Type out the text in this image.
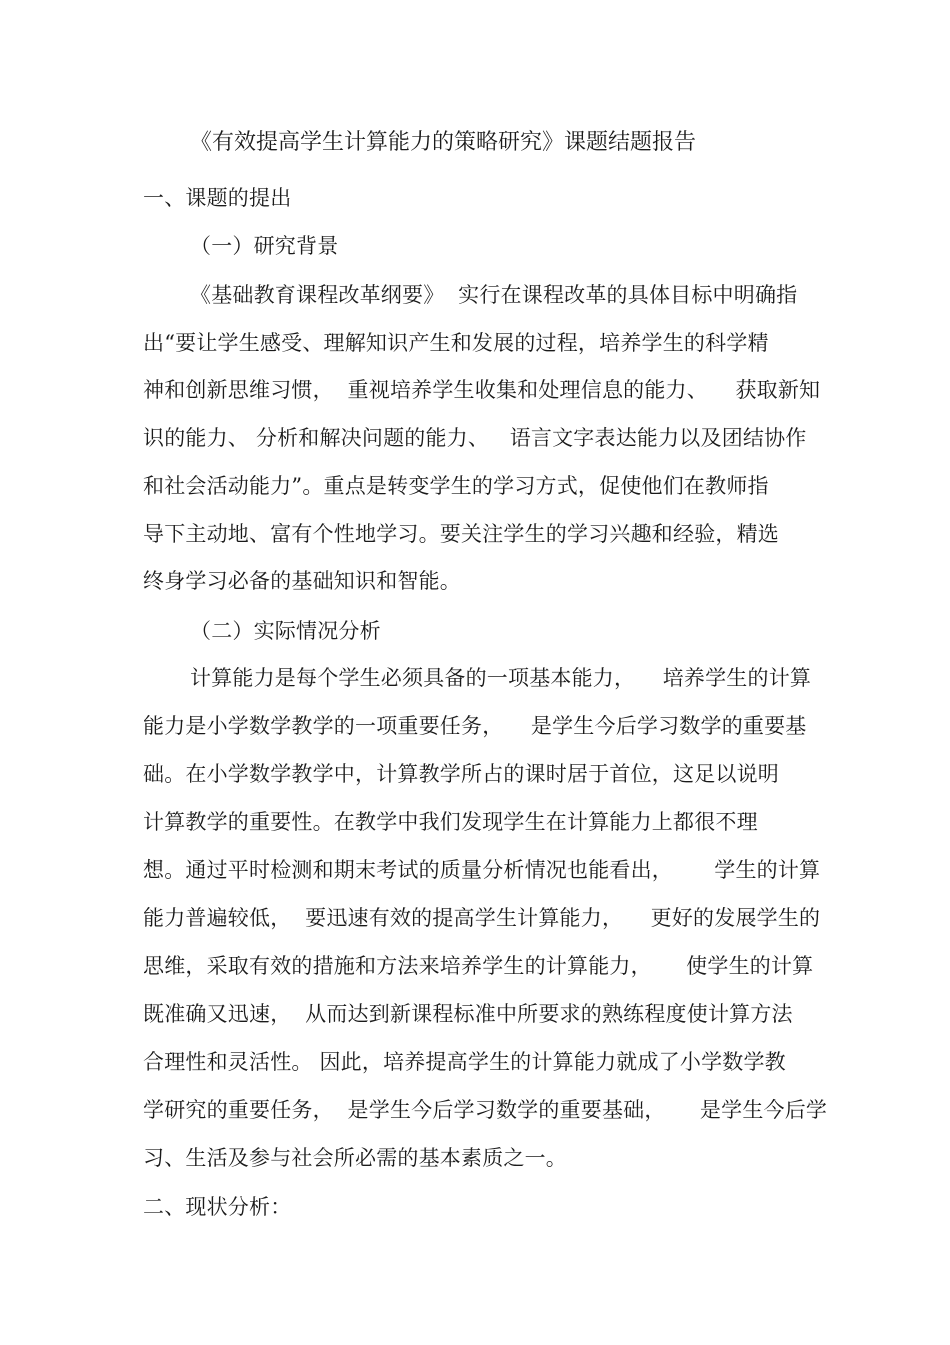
《有效提高学生计算能力的策略研究》课题结题报告
一、课题的提出
（一）研究背景
《基础教育课程改革纲要》  实行在课程改革的具体目标中明确指
出“要让学生感受、理解知识产生和发展的过程，培养学生的科学精
神和创新思维习惯，  重视培养学生收集和处理信息的能力、    获取新知
识的能力、 分析和解决问题的能力、   语言文字表达能力以及团结协作
和社会活动能力”。重点是转变学生的学习方式，促使他们在教师指
导下主动地、富有个性地学习。要关注学生的学习兴趣和经验，精选
终身学习必备的基础知识和智能。
（二）实际情况分析
计算能力是每个学生必须具备的一项基本能力，    培养学生的计算
能力是小学数学教学的一项重要任务，    是学生今后学习数学的重要基
础。在小学数学教学中，计算教学所占的课时居于首位，这足以说明
计算教学的重要性。在教学中我们发现学生在计算能力上都很不理
想。通过平时检测和期末考试的质量分析情况也能看出，      学生的计算
能力普遍较低，  要迅速有效的提高学生计算能力，    更好的发展学生的
思维，采取有效的措施和方法来培养学生的计算能力，     使学生的计算
既准确又迅速，  从而达到新课程标准中所要求的熟练程度使计算方法
合理性和灵活性。 因此，培养提高学生的计算能力就成了小学数学教
学研究的重要任务，  是学生今后学习数学的重要基础，     是学生今后学
习、生活及参与社会所必需的基本素质之一。
二、现状分析：
